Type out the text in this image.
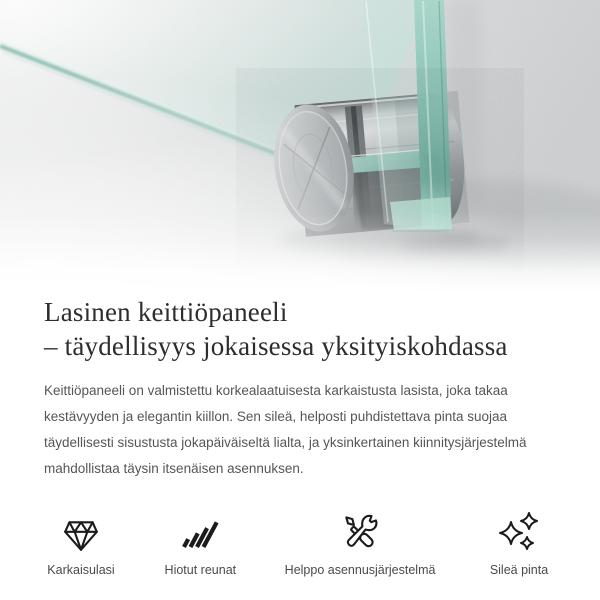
Lasinen keittiöpaneeli
– täydellisyys jokaisessa yksityiskohdassa

Keittiöpaneeli on valmistettu korkealaatuisesta karkaistusta lasista, joka takaa kestävyyden ja elegantin kiillon. Sen sileä, helposti puhdistettava pinta suojaa täydellisesti sisustusta jokapäiväiseltä lialta, ja yksinkertainen kiinnitysjärjestelmä mahdollistaa täysin itsenäisen asennuksen.

Karkaisulasi	Hiotut reunat	Helppo asennusjärjestelmä	Sileä pinta
